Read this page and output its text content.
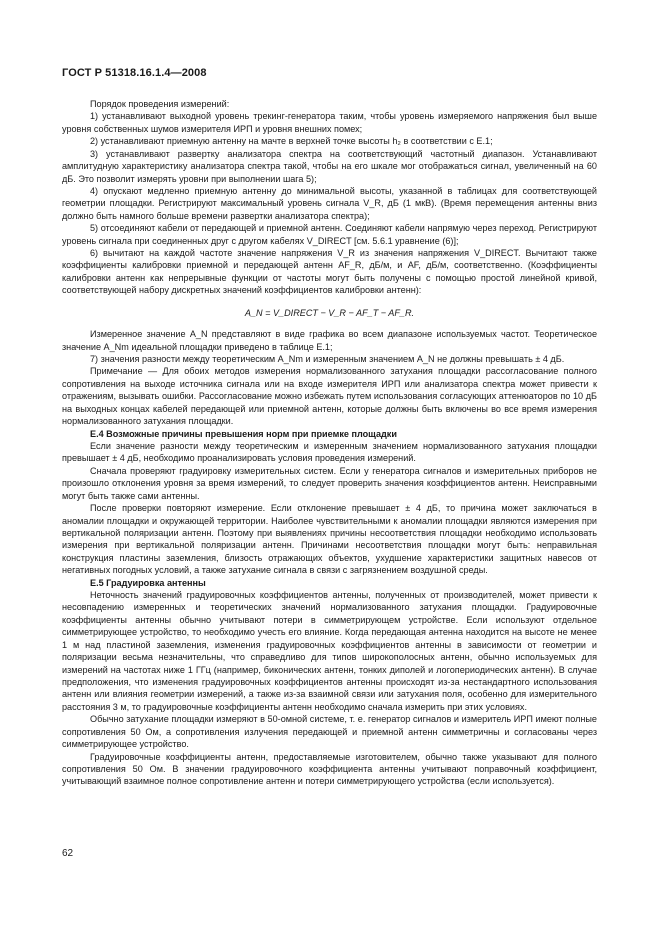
ГОСТ Р 51318.16.1.4—2008

Порядок проведения измерений:

1) устанавливают выходной уровень трекинг-генератора таким, чтобы уровень измеряемого напряжения был выше уровня собственных шумов измерителя ИРП и уровня внешних помех;

2) устанавливают приемную антенну на мачте в верхней точке высоты h₂ в соответствии с Е.1;

3) устанавливают развертку анализатора спектра на соответствующий частотный диапазон. Устанавливают амплитудную характеристику анализатора спектра такой, чтобы на его шкале мог отображаться сигнал, увеличенный на 60 дБ. Это позволит измерять уровни при выполнении шага 5);

4) опускают медленно приемную антенну до минимальной высоты, указанной в таблицах для соответствующей геометрии площадки. Регистрируют максимальный уровень сигнала V_R, дБ (1 мкВ). (Время перемещения антенны вниз должно быть намного больше времени развертки анализатора спектра);

5) отсоединяют кабели от передающей и приемной антенн. Соединяют кабели напрямую через переход. Регистрируют уровень сигнала при соединенных друг с другом кабелях V_DIRECT [см. 5.6.1 уравнение (6)];

6) вычитают на каждой частоте значение напряжения V_R из значения напряжения V_DIRECT. Вычитают также коэффициенты калибровки приемной и передающей антенн AF_R, дБ/м, и AF, дБ/м, соответственно. (Коэффициенты калибровки антенн как непрерывные функции от частоты могут быть получены с помощью простой линейной кривой, соответствующей набору дискретных значений коэффициентов калибровки антенн):

A_N = V_DIRECT − V_R − AF_T − AF_R.

Измеренное значение A_N представляют в виде графика во всем диапазоне используемых частот. Теоретическое значение A_Nm идеальной площадки приведено в таблице Е.1;

7) значения разности между теоретическим A_Nm и измеренным значением A_N не должны превышать ± 4 дБ.

Примечание — Для обоих методов измерения нормализованного затухания площадки рассогласование полного сопротивления на выходе источника сигнала или на входе измерителя ИРП или анализатора спектра может привести к отражениям, вызывать ошибки. Рассогласование можно избежать путем использования согласующих аттенюаторов по 10 дБ на выходных концах кабелей передающей или приемной антенн, которые должны быть включены во все время измерения нормализованного затухания площадки.

Е.4 Возможные причины превышения норм при приемке площадки

Если значение разности между теоретическим и измеренным значением нормализованного затухания площадки превышает ± 4 дБ, необходимо проанализировать условия проведения измерений.

Сначала проверяют градуировку измерительных систем. Если у генератора сигналов и измерительных приборов не произошло отклонения уровня за время измерений, то следует проверить значения коэффициентов антенн. Неисправными могут быть также сами антенны.

После проверки повторяют измерение. Если отклонение превышает ± 4 дБ, то причина может заключаться в аномалии площадки и окружающей территории. Наиболее чувствительными к аномалии площадки являются измерения при вертикальной поляризации антенн. Поэтому при выявлениях причины несоответствия площадки необходимо использовать измерения при вертикальной поляризации антенн. Причинами несоответствия площадки могут быть: неправильная конструкция пластины заземления, близость отражающих объектов, ухудшение характеристики защитных навесов от негативных погодных условий, а также затухание сигнала в связи с загрязнением воздушной среды.

Е.5 Градуировка антенны

Неточность значений градуировочных коэффициентов антенны, полученных от производителей, может привести к несовпадению измеренных и теоретических значений нормализованного затухания площадки. Градуировочные коэффициенты антенны обычно учитывают потери в симметрирующем устройстве. Если используют отдельное симметрирующее устройство, то необходимо учесть его влияние. Когда передающая антенна находится на высоте не менее 1 м над пластиной заземления, изменения градуировочных коэффициентов антенны в зависимости от геометрии и поляризации весьма незначительны, что справедливо для типов широкополосных антенн, обычно используемых для измерений на частотах ниже 1 ГГц (например, биконических антенн, тонких диполей и логопериодических антенн). В случае предположения, что изменения градуировочных коэффициентов антенны происходят из-за нестандартного использования антенн или влияния геометрии измерений, а также из-за взаимной связи или затухания поля, особенно для измерительного расстояния 3 м, то градуировочные коэффициенты антенн необходимо сначала измерить при этих условиях.

Обычно затухание площадки измеряют в 50-омной системе, т. е. генератор сигналов и измеритель ИРП имеют полные сопротивления 50 Ом, а сопротивления излучения передающей и приемной антенн симметричны и согласованы через симметрирующее устройство.

Градуировочные коэффициенты антенн, предоставляемые изготовителем, обычно также указывают для полного сопротивления 50 Ом. В значении градуировочного коэффициента антенны учитывают поправочный коэффициент, учитывающий взаимное полное сопротивление антенн и потери симметрирующего устройства (если используется).

62
